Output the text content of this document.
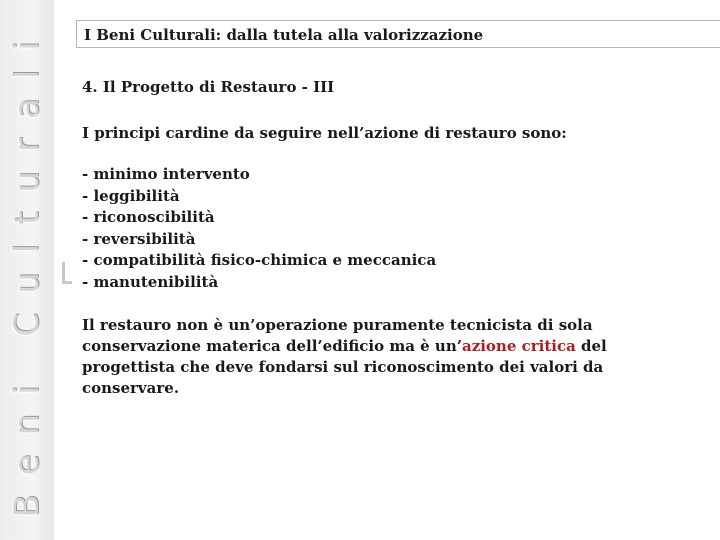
Beni Culturali I Beni Culturali: dalla tutela alla valorizzazione
4. Il Progetto di Restauro - III
I principi cardine da seguire nell’azione di restauro sono:
- minimo intervento
- leggibilità
- riconoscibilità
- reversibilità
- compatibilità fisico-chimica e meccanica
- manutenibilità
Il restauro non è un’operazione puramente tecnicista di sola conservazione materica dell’edificio ma è un’azione critica del progettista che deve fondarsi sul riconoscimento dei valori da conservare.
